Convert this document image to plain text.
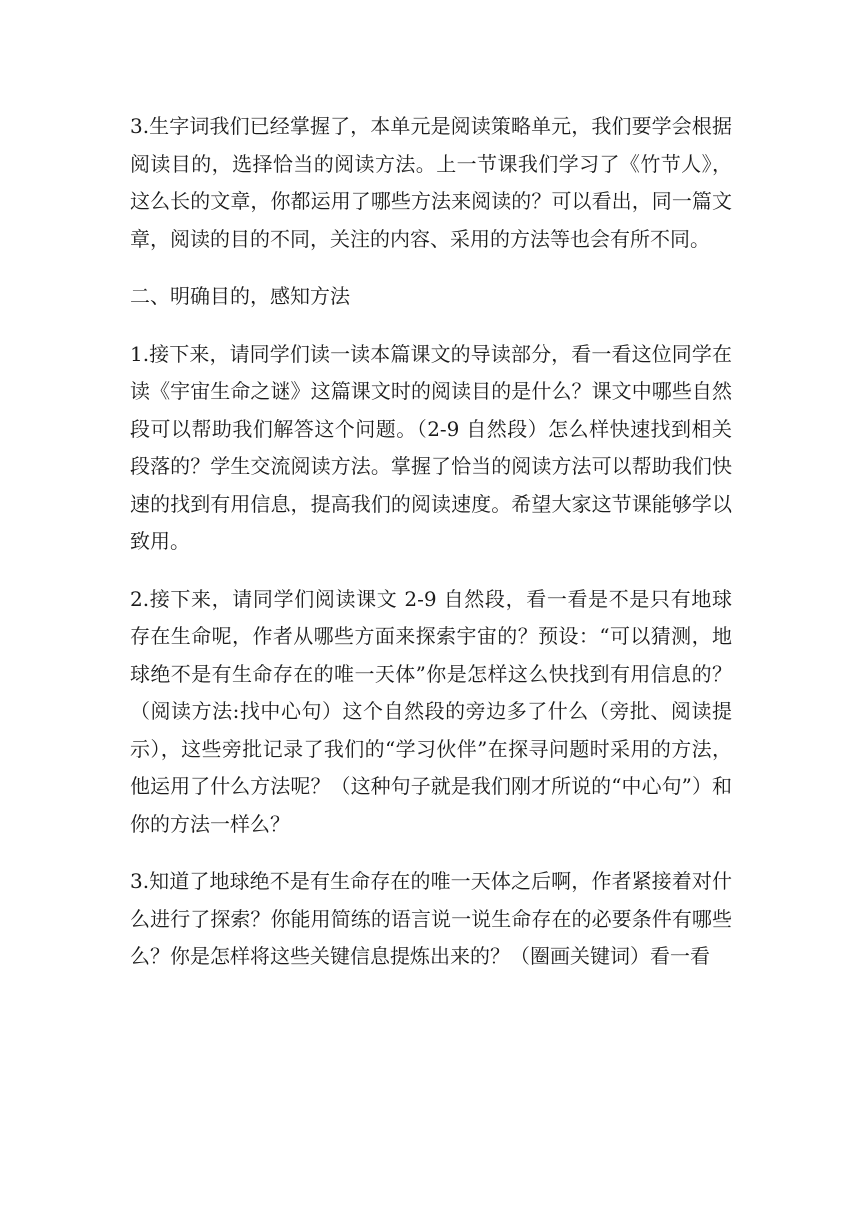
3.生字词我们已经掌握了，本单元是阅读策略单元，我们要学会根据阅读目的，选择恰当的阅读方法。上一节课我们学习了《竹节人》，这么长的文章，你都运用了哪些方法来阅读的？可以看出，同一篇文章，阅读的目的不同，关注的内容、采用的方法等也会有所不同。

二、明确目的，感知方法

1.接下来，请同学们读一读本篇课文的导读部分，看一看这位同学在读《宇宙生命之谜》这篇课文时的阅读目的是什么？课文中哪些自然段可以帮助我们解答这个问题。（2-9 自然段）怎么样快速找到相关段落的？学生交流阅读方法。掌握了恰当的阅读方法可以帮助我们快速的找到有用信息，提高我们的阅读速度。希望大家这节课能够学以致用。

2.接下来，请同学们阅读课文 2-9 自然段，看一看是不是只有地球存在生命呢，作者从哪些方面来探索宇宙的？预设：“可以猜测，地球绝不是有生命存在的唯一天体”你是怎样这么快找到有用信息的？（阅读方法:找中心句）这个自然段的旁边多了什么（旁批、阅读提示），这些旁批记录了我们的“学习伙伴”在探寻问题时采用的方法，他运用了什么方法呢？（这种句子就是我们刚才所说的“中心句”）和你的方法一样么？

3.知道了地球绝不是有生命存在的唯一天体之后啊，作者紧接着对什么进行了探索？你能用简练的语言说一说生命存在的必要条件有哪些么？你是怎样将这些关键信息提炼出来的？（圈画关键词）看一看
